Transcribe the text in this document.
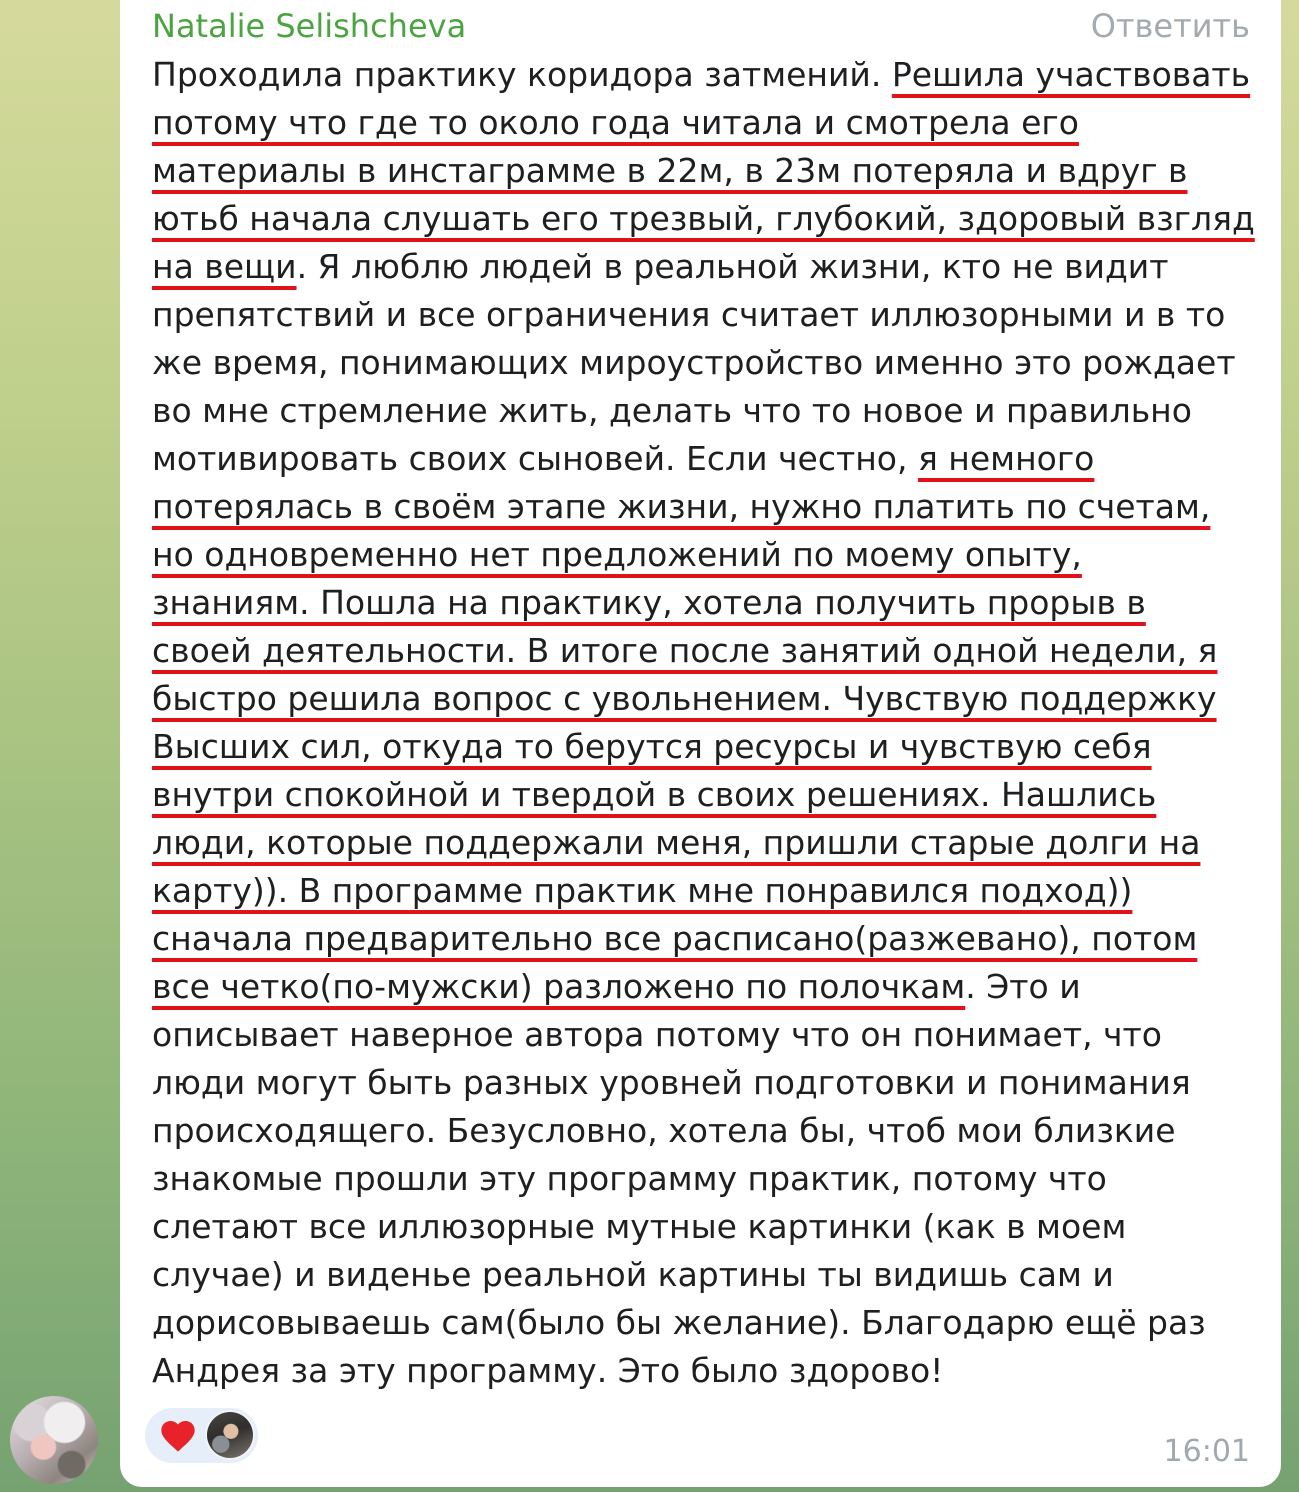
Natalie Selishcheva	Ответить
Проходила практику коридора затмений. Решила участвовать
потому что где то около года читала и смотрела его
материалы в инстаграмме в 22м, в 23м потеряла и вдруг в
ютьб начала слушать его трезвый, глубокий, здоровый взгляд
на вещи. Я люблю людей в реальной жизни, кто не видит
препятствий и все ограничения считает иллюзорными и в то
же время, понимающих мироустройство именно это рождает
во мне стремление жить, делать что то новое и правильно
мотивировать своих сыновей. Если честно, я немного
потерялась в своём этапе жизни, нужно платить по счетам,
но одновременно нет предложений по моему опыту,
знаниям. Пошла на практику, хотела получить прорыв в
своей деятельности. В итоге после занятий одной недели, я
быстро решила вопрос с увольнением. Чувствую поддержку
Высших сил, откуда то берутся ресурсы и чувствую себя
внутри спокойной и твердой в своих решениях. Нашлись
люди, которые поддержали меня, пришли старые долги на
карту)). В программе практик мне понравился подход))
сначала предварительно все расписано(разжевано), потом
все четко(по-мужски) разложено по полочкам. Это и
описывает наверное автора потому что он понимает, что
люди могут быть разных уровней подготовки и понимания
происходящего. Безусловно, хотела бы, чтоб мои близкие
знакомые прошли эту программу практик, потому что
слетают все иллюзорные мутные картинки (как в моем
случае) и виденье реальной картины ты видишь сам и
дорисовываешь сам(было бы желание). Благодарю ещё раз
Андрея за эту программу. Это было здорово!
16:01
